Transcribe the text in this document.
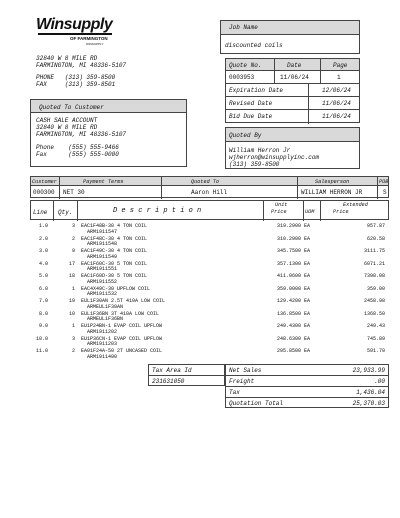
Winsupply
OF FARMINGTON
WINSUPPLY
32840 W 8 MILE RD
FARMINGTON, MI 48336-5107
PHONE (313) 359-8500
FAX	(313) 359-8501
Job Name
discounted coils
Quote No.	Date	Page
0003953	11/06/24	1
Expiration Date	12/06/24
Revised Date	11/06/24
Bid Due Date	11/06/24
Quoted To Customer
CASH SALE ACCOUNT
32840 W 8 MILE RD
FARMINGTON, MI 48336-5107
Phone (555) 555-9466
Fax	(555) 555-0000
Quoted By
William Herron Jr
wjherron@winsupplyinc.com
(313) 359-8500
Customer	Payment Terms	Quoted To	Salesperson	POB
000300 NET 30	Aaron Hill	WILLIAM HERRON JR	S
Line Qty.	D e s c r i p t i o n
Unit
Price	UOM
Extended
Price
1.0	3 EAC1F48B-30 4 TON COIL
ARM1911547
319.2900 EA	957.87
2.0	2 EAC1F48C-30 4 TON COIL
ARM1911548
310.2900 EA	620.58
3.0	9 EAC1F49C-30 4 TON COIL
ARM1911549
345.7500 EA	3111.75
4.0	17 EAC1F60C-30 5 TON COIL
ARM1911551
357.1300 EA	6071.21
5.0	18 EAC1F60D-30 5 TON COIL
ARM1911552
411.0600 EA	7398.08
6.0	1 EAC4X49C-30 UPFLOW COIL
ARM1911532
359.0000 EA	359.00
7.0	19 EUL1F30AN 2.5T 410A LOW COIL
ARMEUL1F30AN
129.4200 EA	2458.98
8.0	10 EUL1F36BN 3T 410A LOW COIL
ARMEUL1F36BN
136.8500 EA	1368.50
9.0	1 EU1P24BN-1 EVAP COIL UPFLOW
ARM1911202
249.4300 EA	249.43
10.0	3 EU1P36CN-1 EVAP COIL UPFLOW
ARM1911203
248.6300 EA	745.89
11.0	2 EA01F24A-50 2T UNCASED COIL
ARM1911490
295.8500 EA	591.70
Tax Area Id
231631050
Net Sales	23,933.99
Freight	.00
Tax	1,436.04
Quotation Total	25,370.03
